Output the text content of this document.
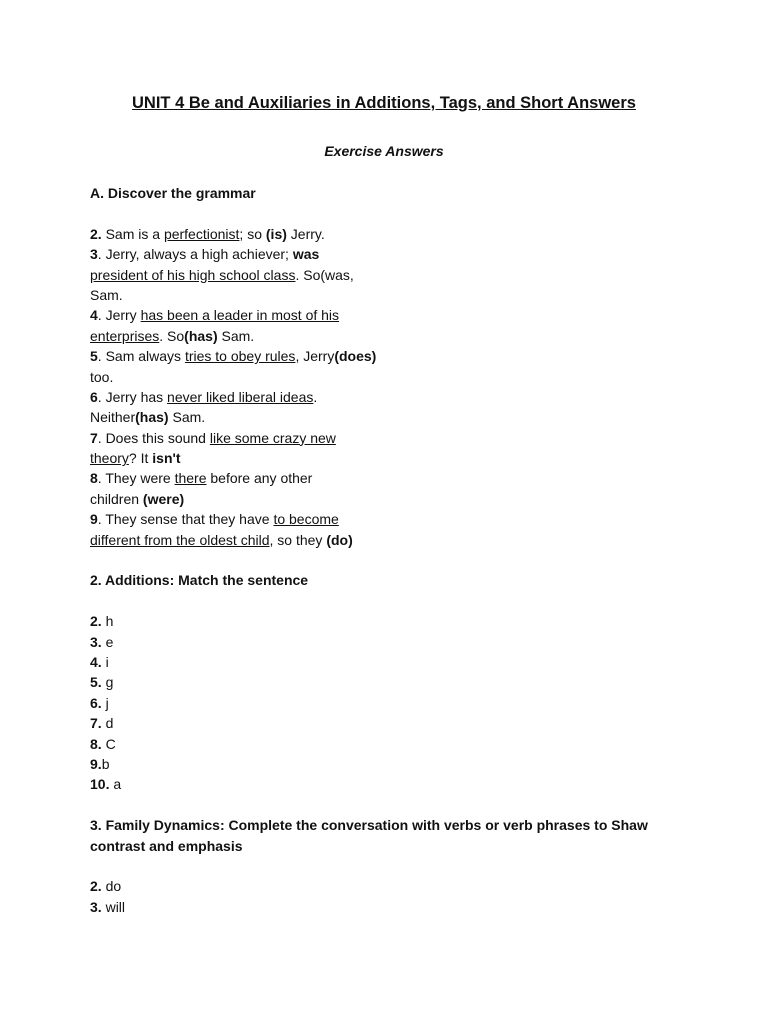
UNIT 4 Be and Auxiliaries in Additions, Tags, and Short Answers
Exercise Answers
A. Discover the grammar
2. Sam is a perfectionist; so (is) Jerry.
3. Jerry, always a high achiever; was
president of his high school class. So(was,
Sam.
4. Jerry has been a leader in most of his
enterprises. So(has) Sam.
5. Sam always tries to obey rules, Jerry(does)
too.
6. Jerry has never liked liberal ideas.
Neither(has) Sam.
7. Does this sound like some crazy new
theory? It isn't
8. They were there before any other
children (were)
9. They sense that they have to become
different from the oldest child, so they (do)
2. Additions: Match the sentence
2. h
3. e
4. i
5. g
6. j
7. d
8. C
9.b
10. a
3. Family Dynamics: Complete the conversation with verbs or verb phrases to Shaw
contrast and emphasis
2. do
3. will
